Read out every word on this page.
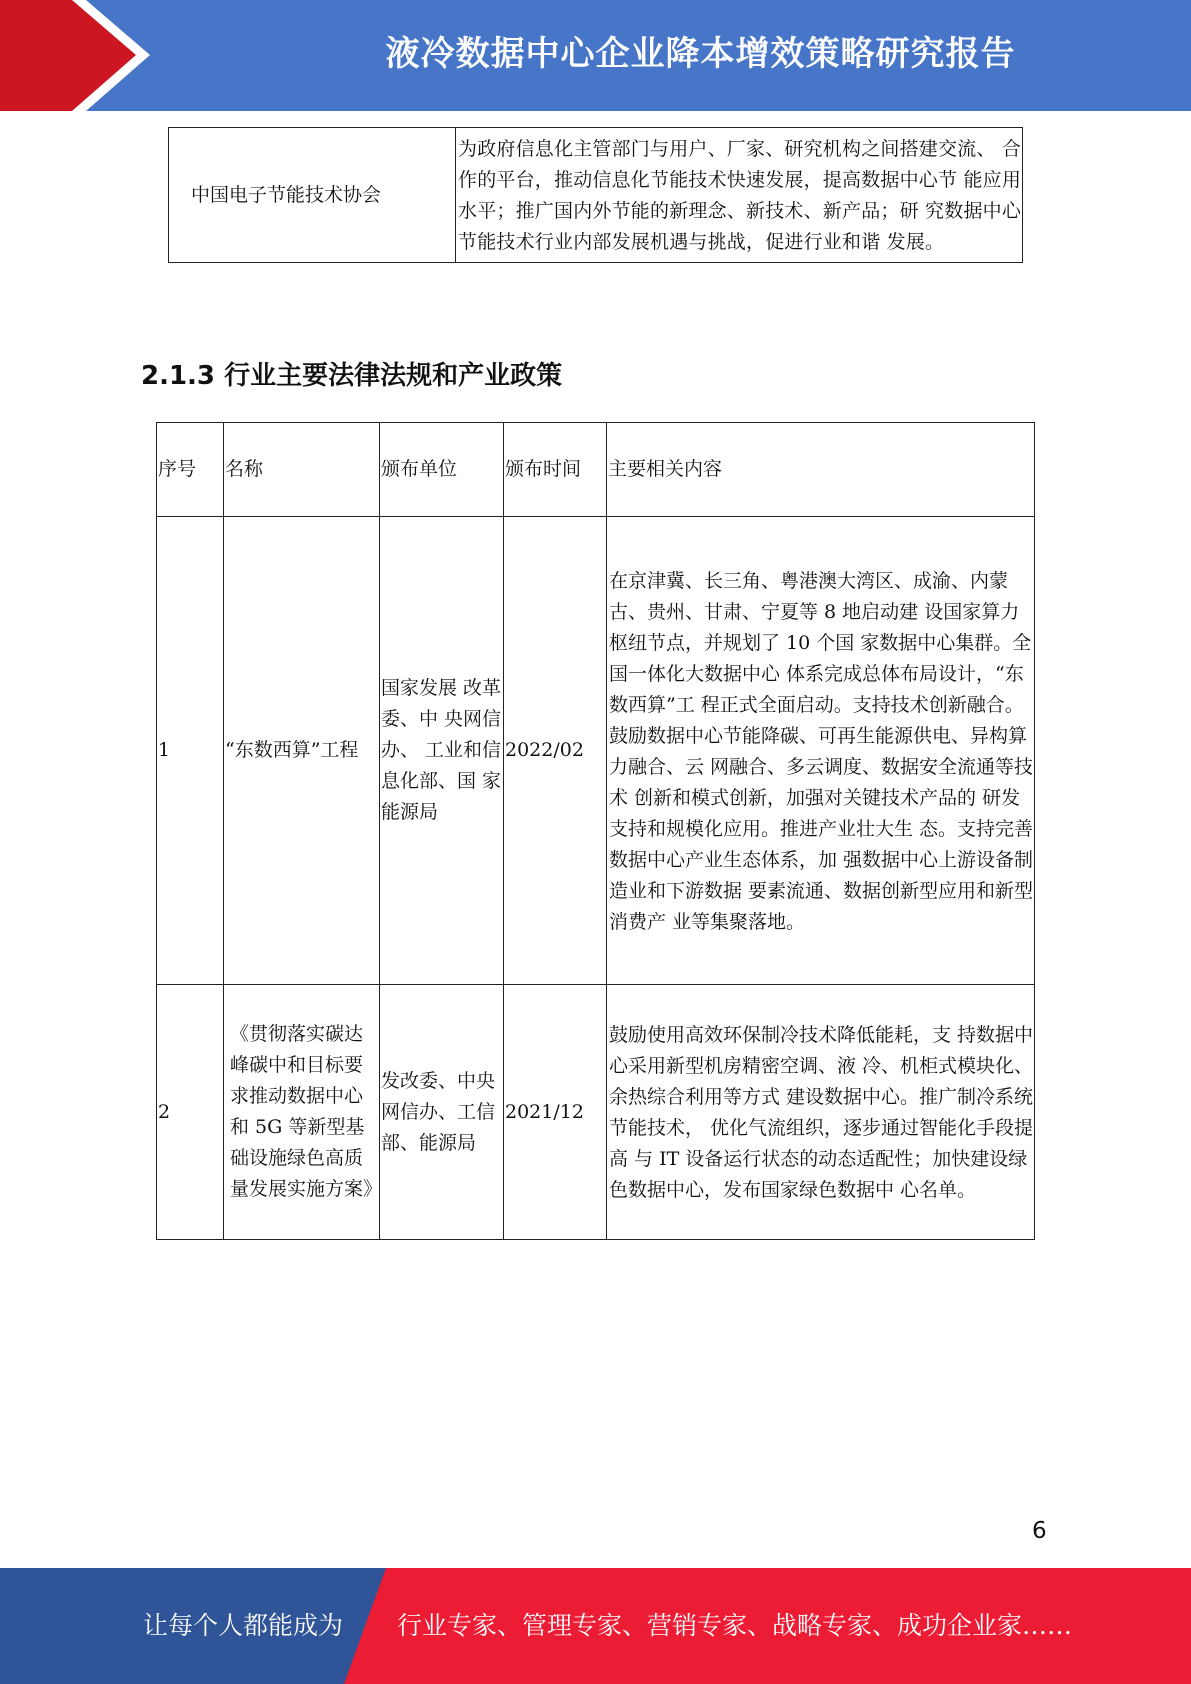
液冷数据中心企业降本增效策略研究报告
中国电子节能技术协会	
为政府信息化主管部门与用户、厂家、研究机构之间搭建交流、 合
作的平台，推动信息化节能技术快速发展，提高数据中心节 能应用
水平；推广国内外节能的新理念、新技术、新产品；研 究数据中心
节能技术行业内部发展机遇与挑战，促进行业和谐 发展。
2.1.3 行业主要法律法规和产业政策
序号	名称	颁布单位	颁布时间	主要相关内容
1	“东数西算”工程	国家发展 改革委、中 央网信办、 工业和信 息化部、国 家能源局	2022/02	在京津冀、长三角、粤港澳大湾区、成渝、内蒙古、贵州、甘肃、宁夏等 8 地启动建 设国家算力枢纽节点，并规划了 10 个国 家数据中心集群。全国一体化大数据中心 体系完成总体布局设计，“东数西算”工 程正式全面启动。支持技术创新融合。鼓励数据中心节能降碳、可再生能源供电、异构算力融合、云 网融合、多云调度、数据安全流通等技术 创新和模式创新，加强对关键技术产品的 研发支持和规模化应用。推进产业壮大生 态。支持完善数据中心产业生态体系，加 强数据中心上游设备制造业和下游数据 要素流通、数据创新型应用和新型消费产 业等集聚落地。
2	《贯彻落实碳达峰碳中和目标要求推动数据中心和 5G 等新型基础设施绿色高质量发展实施方案》	发改委、中央网信办、工信部、能源局	2021/12	鼓励使用高效环保制冷技术降低能耗，支 持数据中心采用新型机房精密空调、液 冷、机柜式模块化、余热综合利用等方式 建设数据中心。推广制冷系统节能技术， 优化气流组织，逐步通过智能化手段提高 与 IT 设备运行状态的动态适配性；加快建设绿色数据中心，发布国家绿色数据中 心名单。
6
让每个人都能成为 行业专家、管理专家、营销专家、战略专家、成功企业家……
